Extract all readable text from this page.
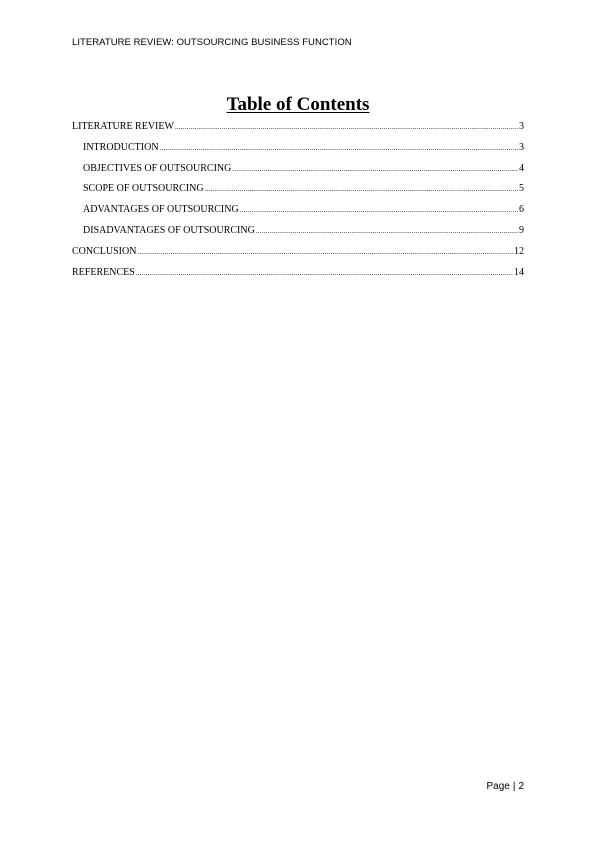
LITERATURE REVIEW: OUTSOURCING BUSINESS FUNCTION
Table of Contents
LITERATURE REVIEW .....	3
INTRODUCTION .....	3
OBJECTIVES OF OUTSOURCING .....	4
SCOPE OF OUTSOURCING .....	5
ADVANTAGES OF OUTSOURCING .....	6
DISADVANTAGES OF OUTSOURCING .....	9
CONCLUSION .....	12
REFERENCES .....	14
Page | 2
